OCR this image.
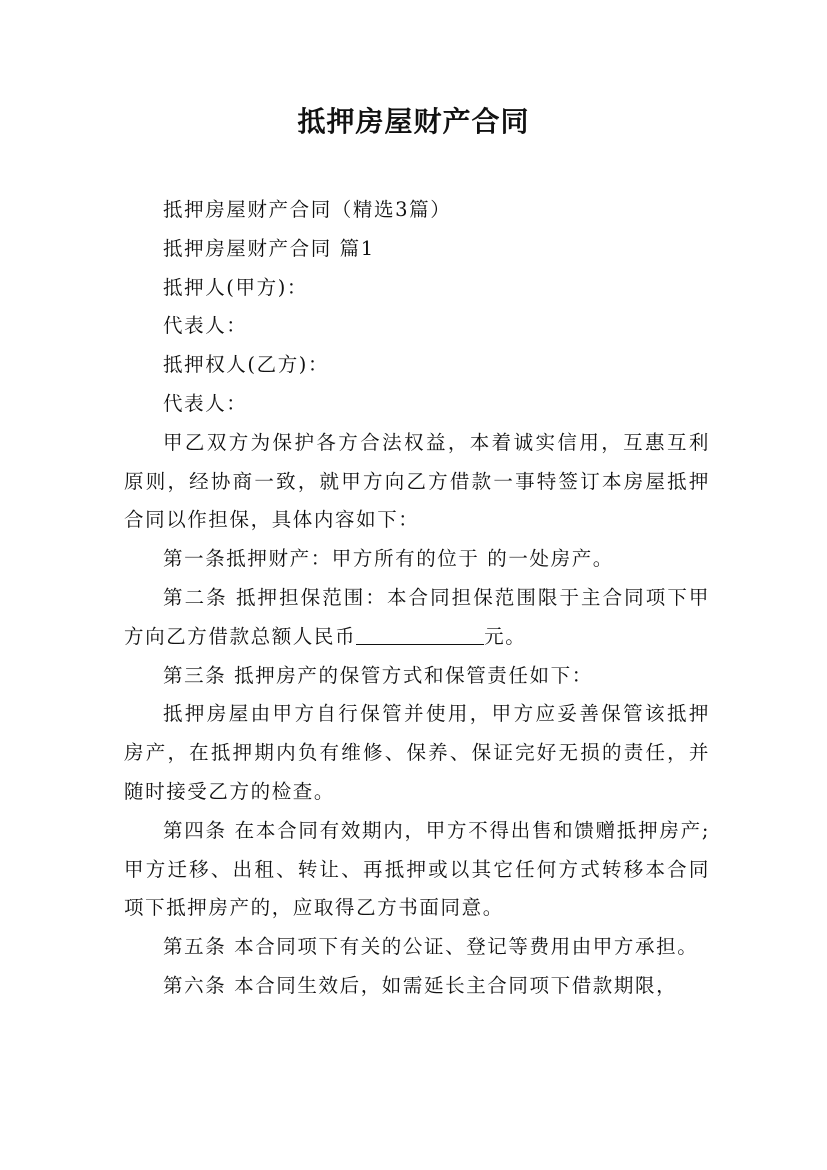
抵押房屋财产合同

抵押房屋财产合同（精选3篇）

抵押房屋财产合同 篇1

抵押人(甲方)：

代表人：

抵押权人(乙方)：

代表人：

甲乙双方为保护各方合法权益，本着诚实信用，互惠互利原则，经协商一致，就甲方向乙方借款一事特签订本房屋抵押合同以作担保，具体内容如下：

第一条抵押财产：甲方所有的位于 的一处房产。

第二条 抵押担保范围：本合同担保范围限于主合同项下甲方向乙方借款总额人民币	元。

第三条 抵押房产的保管方式和保管责任如下：

抵押房屋由甲方自行保管并使用，甲方应妥善保管该抵押房产，在抵押期内负有维修、保养、保证完好无损的责任，并随时接受乙方的检查。

第四条 在本合同有效期内，甲方不得出售和馈赠抵押房产;甲方迁移、出租、转让、再抵押或以其它任何方式转移本合同项下抵押房产的，应取得乙方书面同意。

第五条 本合同项下有关的公证、登记等费用由甲方承担。

第六条 本合同生效后，如需延长主合同项下借款期限，
